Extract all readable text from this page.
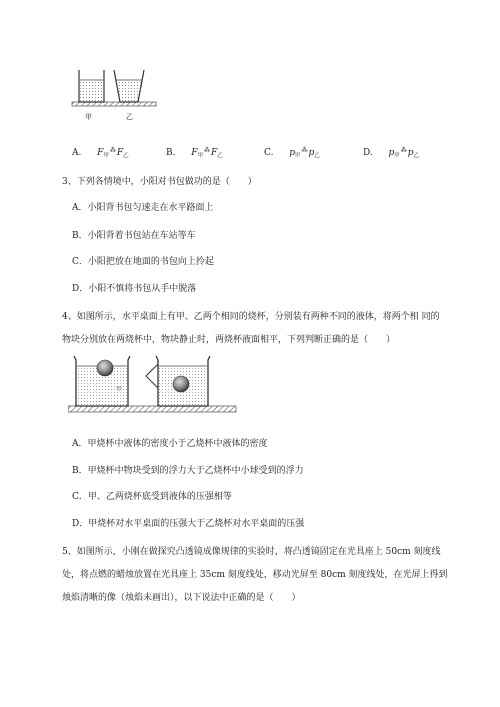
甲	乙
A. $F_甲^⁂F_乙$	B. $F_甲^⁂F_乙$	C. $p_甲^⁂p_乙$	D. $p_甲^⁂p_乙$
3、下列各情境中，小阳对书包做功的是（　　）
A．小阳背书包匀速走在水平路面上
B．小阳背着书包站在车站等车
C．小阳把放在地面的书包向上拎起
D．小阳不慎将书包从手中脱落
4、如图所示，水平桌面上有甲、乙两个相同的烧杯，分别装有两种不同的液体，将两个相 同的物块分别放在两烧杯中，物块静止时，两烧杯液面相平，下列判断正确的是（　　）
甲
A．甲烧杯中液体的密度小于乙烧杯中液体的密度
B．甲烧杯中物块受到的浮力大于乙烧杯中小球受到的浮力
C．甲、乙两烧杯底受到液体的压强相等
D．甲烧杯对水平桌面的压强大于乙烧杯对水平桌面的压强
5、如图所示，小刚在做探究凸透镜成像规律的实验时，将凸透镜固定在光具座上 50cm 刻度线处，将点燃的蜡烛放置在光具座上 35cm 刻度线处，移动光屏至 80cm 刻度线处，在光屏上得到烛焰清晰的像（烛焰未画出），以下说法中正确的是（　　）
